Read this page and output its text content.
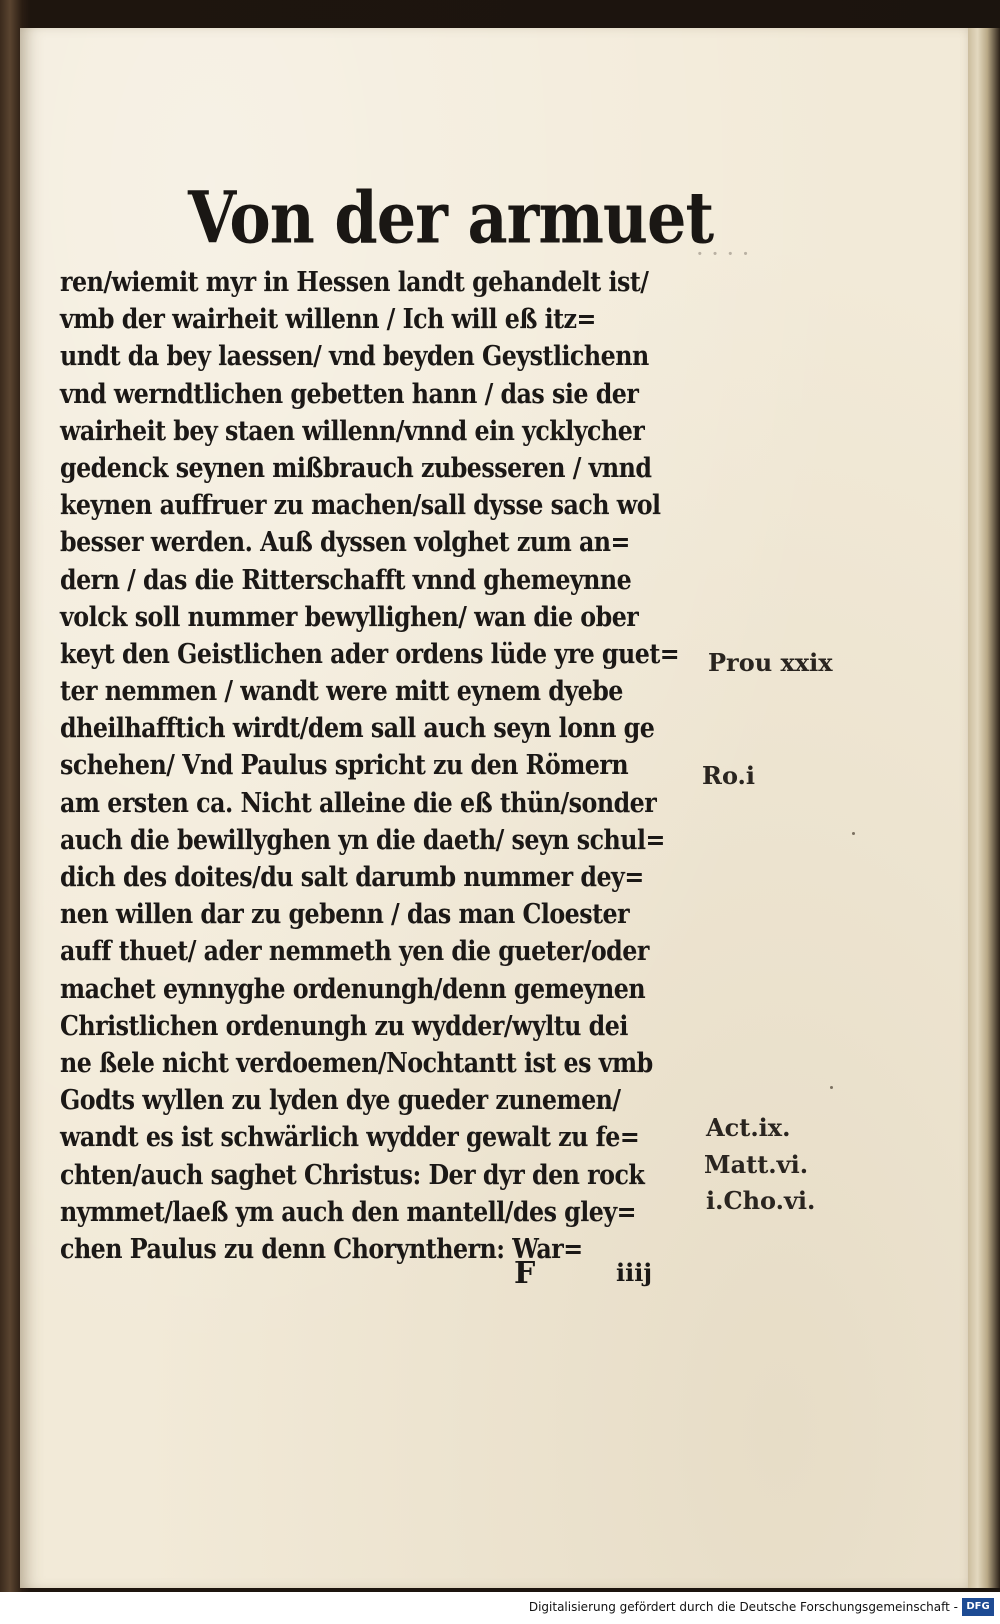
Von der armuet
ren/wiemit myr in Hessen landt gehandelt ist/
vmb der wairheit willenn / Ich will eß itz=
undt da bey laessen/ vnd beyden Geystlichenn
vnd werndtlichen gebetten hann / das sie der
wairheit bey staen willenn/vnnd ein ycklycher
gedenck seynen mißbrauch zubesseren / vnnd
keynen auffruer zu machen/sall dysse sach wol
besser werden. Auß dyssen volghet zum an=
dern / das die Ritterschafft vnnd ghemeynne
volck soll nummer bewyllighen/ wan die ober
keyt den Geistlichen ader ordens lüde yre guet=
ter nemmen / wandt were mitt eynem dyebe
dheilhafftich wirdt/dem sall auch seyn lonn ge
schehen/ Vnd Paulus spricht zu den Römern
am ersten ca. Nicht alleine die eß thün/sonder
auch die bewillyghen yn die daeth/ seyn schul=
dich des doites/du salt darumb nummer dey=
nen willen dar zu gebenn / das man Cloester
auff thuet/ ader nemmeth yen die gueter/oder
machet eynnyghe ordenungh/denn gemeynen
Christlichen ordenungh zu wydder/wyltu dei
ne ßele nicht verdoemen/Nochtantt ist es vmb
Godts wyllen zu lyden dye gueder zunemen/
wandt es ist schwärlich wydder gewalt zu fe=
chten/auch saghet Christus: Der dyr den rock
nymmet/laeß ym auch den mantell/des gley=
chen Paulus zu denn Chorynthern: War=
· · · ·
Prou xxix
Ro.i
Act.ix.
Matt.vi.
i.Cho.vi.
F	iiij
Digitalisierung gefördert durch die Deutsche Forschungsgemeinschaft - DFG
